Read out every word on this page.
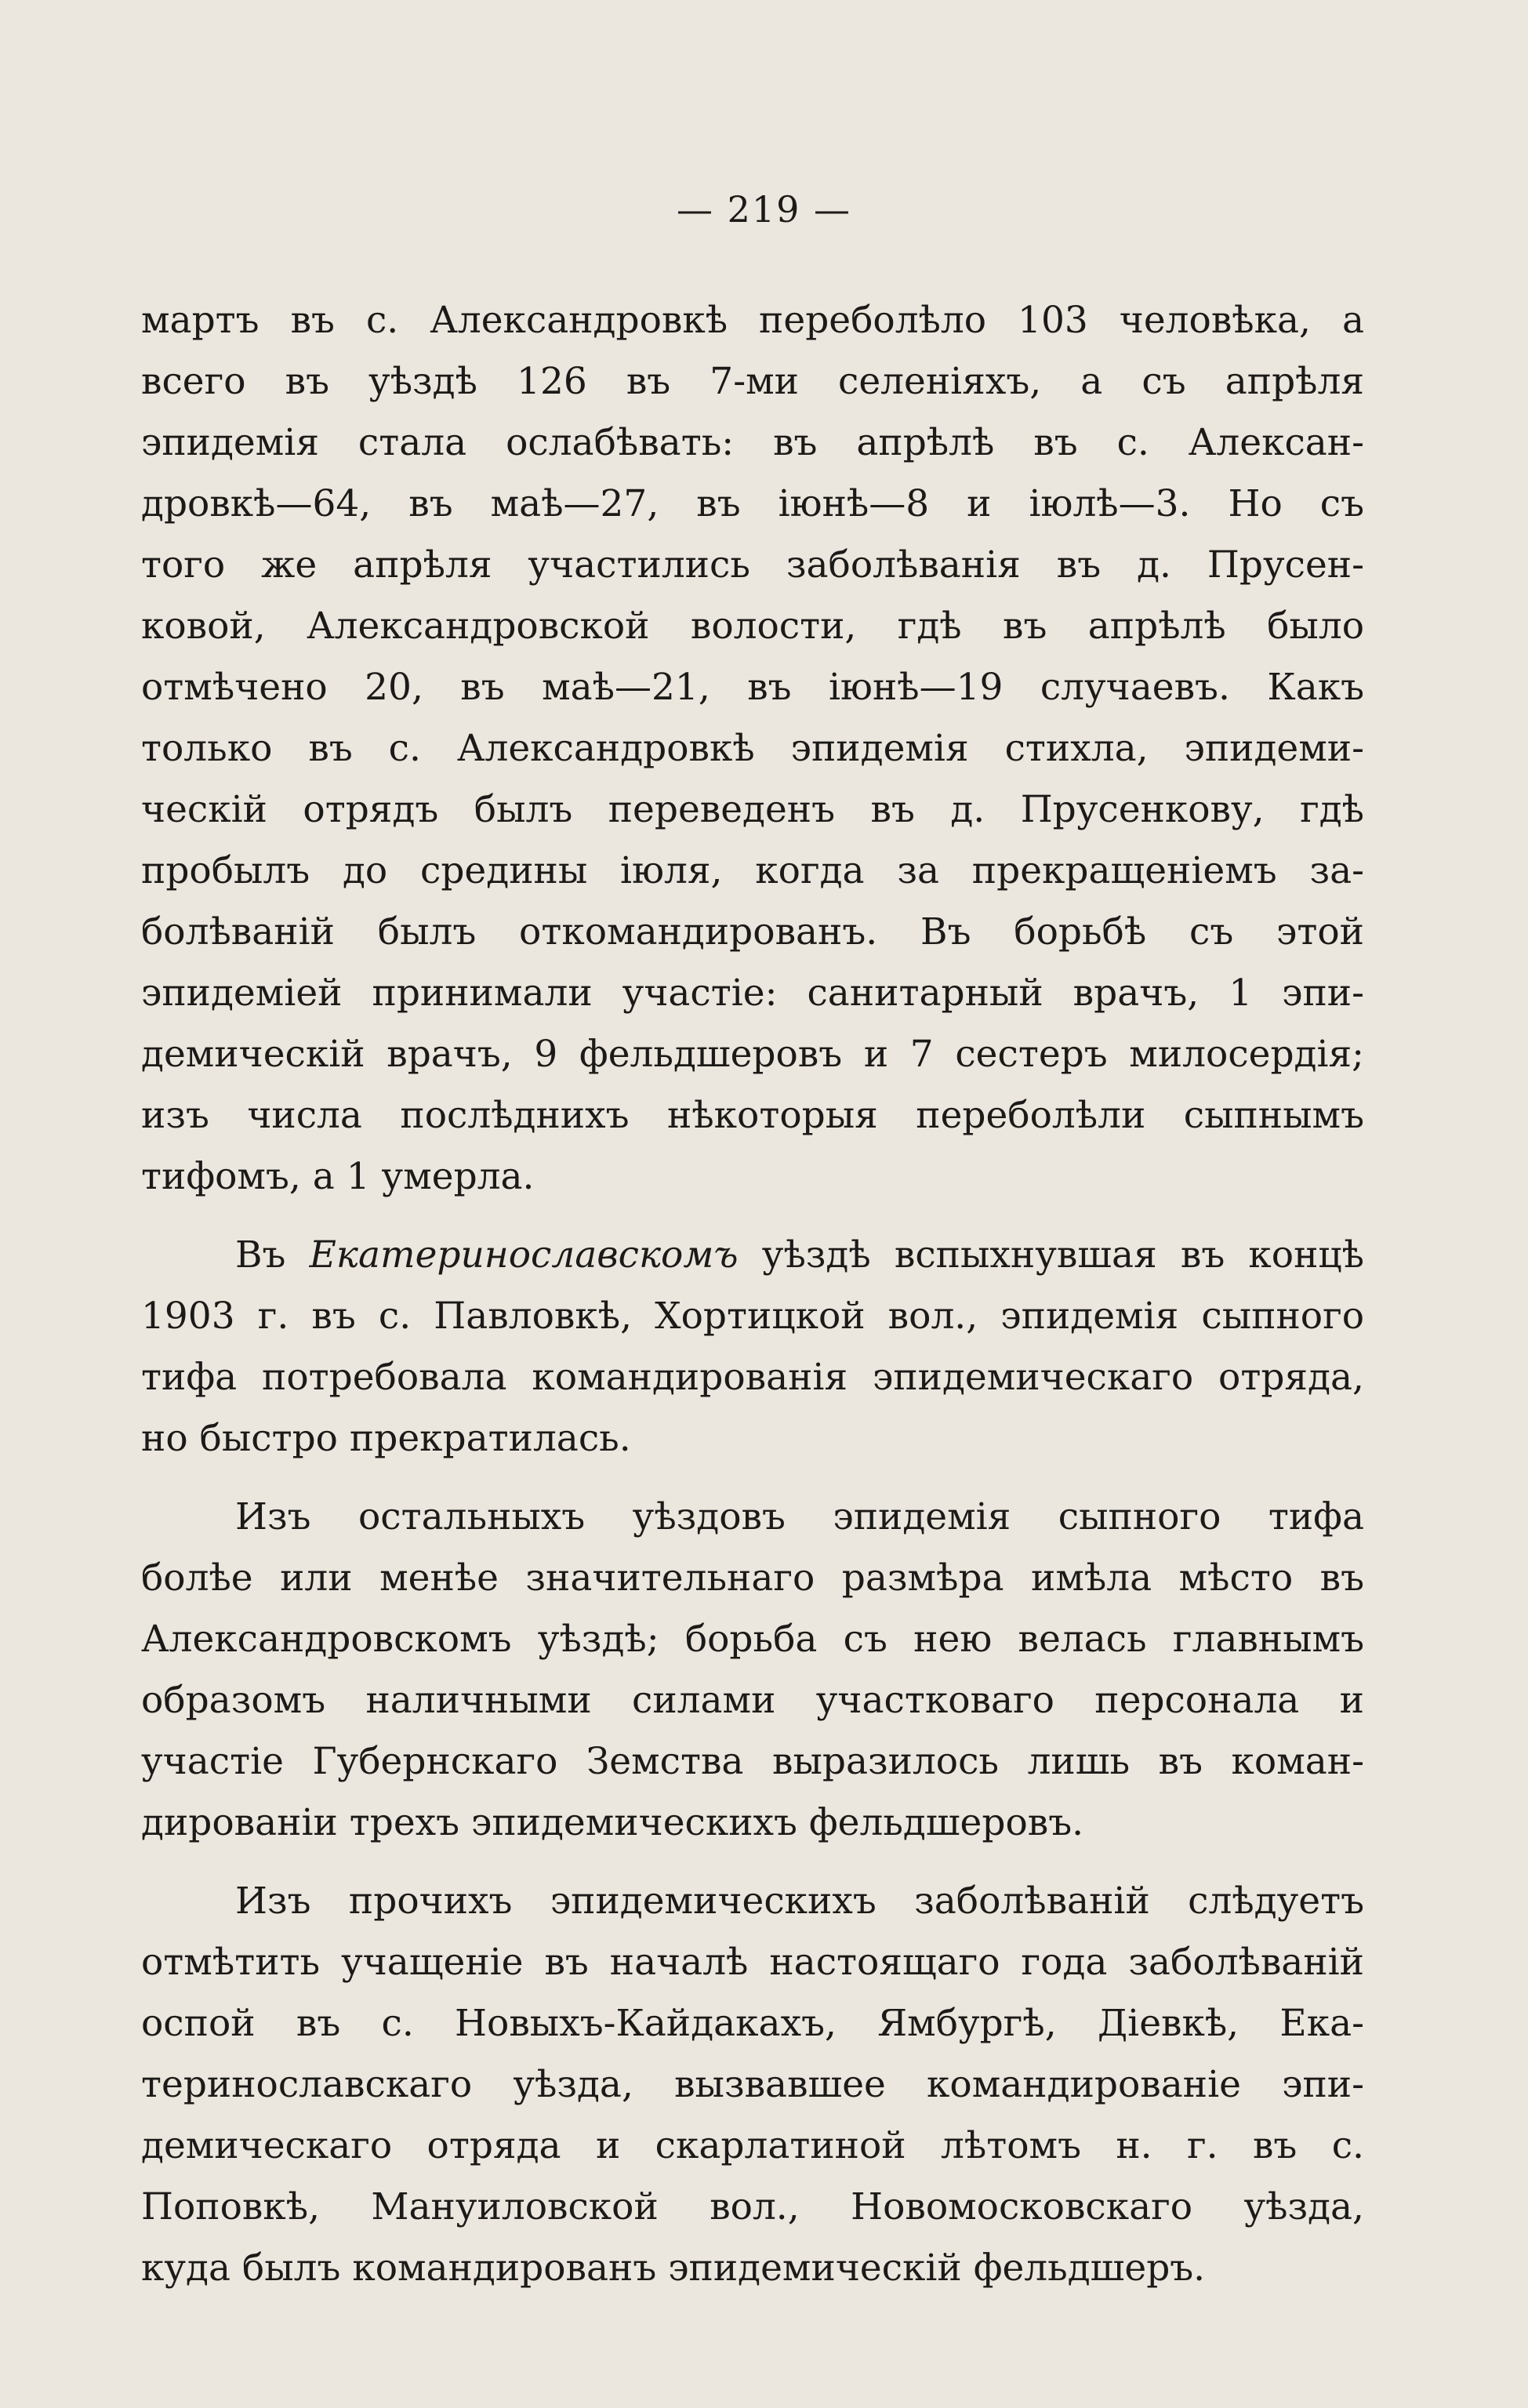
— 219 —
мартъ въ с. Александровкѣ переболѣло 103 человѣка, а
всего въ уѣздѣ 126 въ 7-ми селеніяхъ, а съ апрѣля
эпидемія стала ослабѣвать: въ апрѣлѣ въ с. Алексан-
дровкѣ—64, въ маѣ—27, въ іюнѣ—8 и іюлѣ—3. Но съ
того же апрѣля участились заболѣванія въ д. Прусен-
ковой, Александровской волости, гдѣ въ апрѣлѣ было
отмѣчено 20, въ маѣ—21, въ іюнѣ—19 случаевъ. Какъ
только въ с. Александровкѣ эпидемія стихла, эпидеми-
ческій отрядъ былъ переведенъ въ д. Прусенкову, гдѣ
пробылъ до средины іюля, когда за прекращеніемъ за-
болѣваній былъ откомандированъ. Въ борьбѣ съ этой
эпидеміей принимали участіе: санитарный врачъ, 1 эпи-
демическій врачъ, 9 фельдшеровъ и 7 сестеръ милосердія;
изъ числа послѣднихъ нѣкоторыя переболѣли сыпнымъ
тифомъ, а 1 умерла.
Въ Екатеринославскомъ уѣздѣ вспыхнувшая въ концѣ
1903 г. въ с. Павловкѣ, Хортицкой вол., эпидемія сыпного
тифа потребовала командированія эпидемическаго отряда,
но быстро прекратилась.
Изъ остальныхъ уѣздовъ эпидемія сыпного тифа
болѣе или менѣе значительнаго размѣра имѣла мѣсто въ
Александровскомъ уѣздѣ; борьба съ нею велась главнымъ
образомъ наличными силами участковаго персонала и
участіе Губернскаго Земства выразилось лишь въ коман-
дированіи трехъ эпидемическихъ фельдшеровъ.
Изъ прочихъ эпидемическихъ заболѣваній слѣдуетъ
отмѣтить учащеніе въ началѣ настоящаго года заболѣваній
оспой въ с. Новыхъ-Кайдакахъ, Ямбургѣ, Діевкѣ, Ека-
теринославскаго уѣзда, вызвавшее командированіе эпи-
демическаго отряда и скарлатиной лѣтомъ н. г. въ с.
Поповкѣ, Мануиловской вол., Новомосковскаго уѣзда,
куда былъ командированъ эпидемическій фельдшеръ.
